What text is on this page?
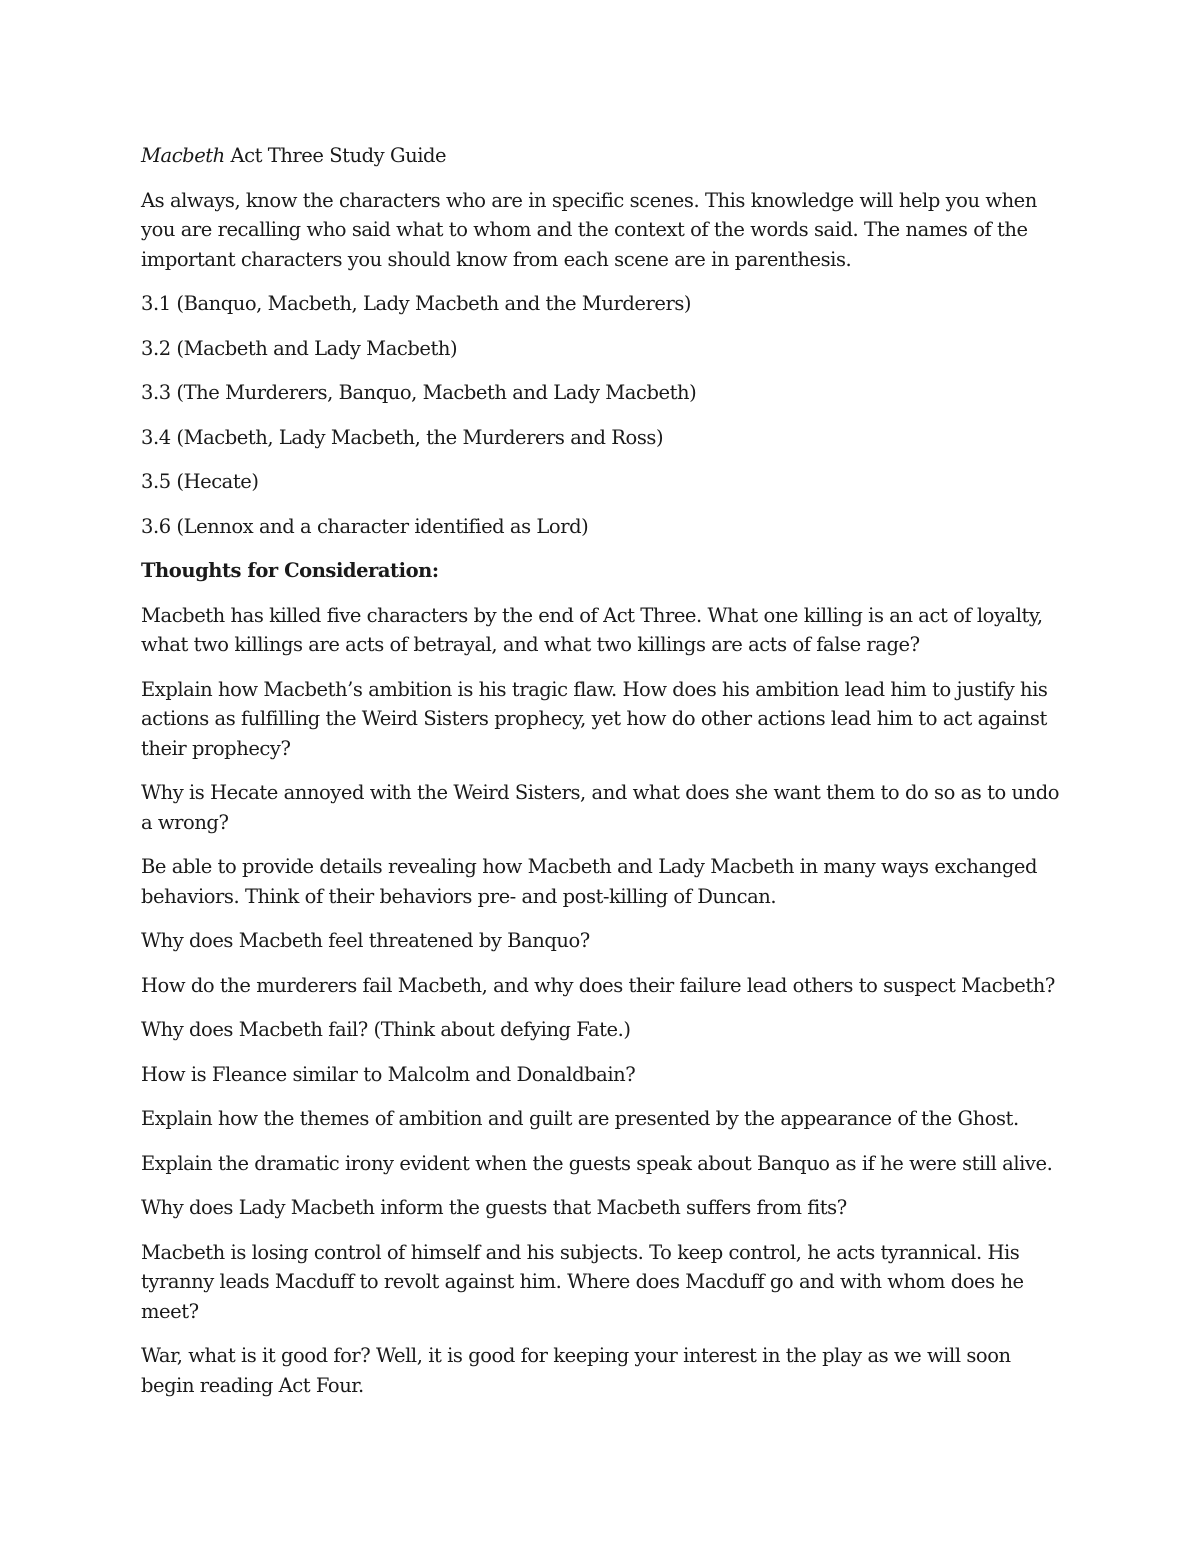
Macbeth Act Three Study Guide

As always, know the characters who are in specific scenes. This knowledge will help you when you are recalling who said what to whom and the context of the words said. The names of the important characters you should know from each scene are in parenthesis.

3.1 (Banquo, Macbeth, Lady Macbeth and the Murderers)

3.2 (Macbeth and Lady Macbeth)

3.3 (The Murderers, Banquo, Macbeth and Lady Macbeth)

3.4 (Macbeth, Lady Macbeth, the Murderers and Ross)

3.5 (Hecate)

3.6 (Lennox and a character identified as Lord)

Thoughts for Consideration:

Macbeth has killed five characters by the end of Act Three. What one killing is an act of loyalty, what two killings are acts of betrayal, and what two killings are acts of false rage?

Explain how Macbeth’s ambition is his tragic flaw. How does his ambition lead him to justify his actions as fulfilling the Weird Sisters prophecy, yet how do other actions lead him to act against their prophecy?

Why is Hecate annoyed with the Weird Sisters, and what does she want them to do so as to undo a wrong?

Be able to provide details revealing how Macbeth and Lady Macbeth in many ways exchanged behaviors. Think of their behaviors pre- and post-killing of Duncan.

Why does Macbeth feel threatened by Banquo?

How do the murderers fail Macbeth, and why does their failure lead others to suspect Macbeth?

Why does Macbeth fail? (Think about defying Fate.)

How is Fleance similar to Malcolm and Donaldbain?

Explain how the themes of ambition and guilt are presented by the appearance of the Ghost.

Explain the dramatic irony evident when the guests speak about Banquo as if he were still alive.

Why does Lady Macbeth inform the guests that Macbeth suffers from fits?

Macbeth is losing control of himself and his subjects. To keep control, he acts tyrannical. His tyranny leads Macduff to revolt against him. Where does Macduff go and with whom does he meet?

War, what is it good for? Well, it is good for keeping your interest in the play as we will soon begin reading Act Four.
